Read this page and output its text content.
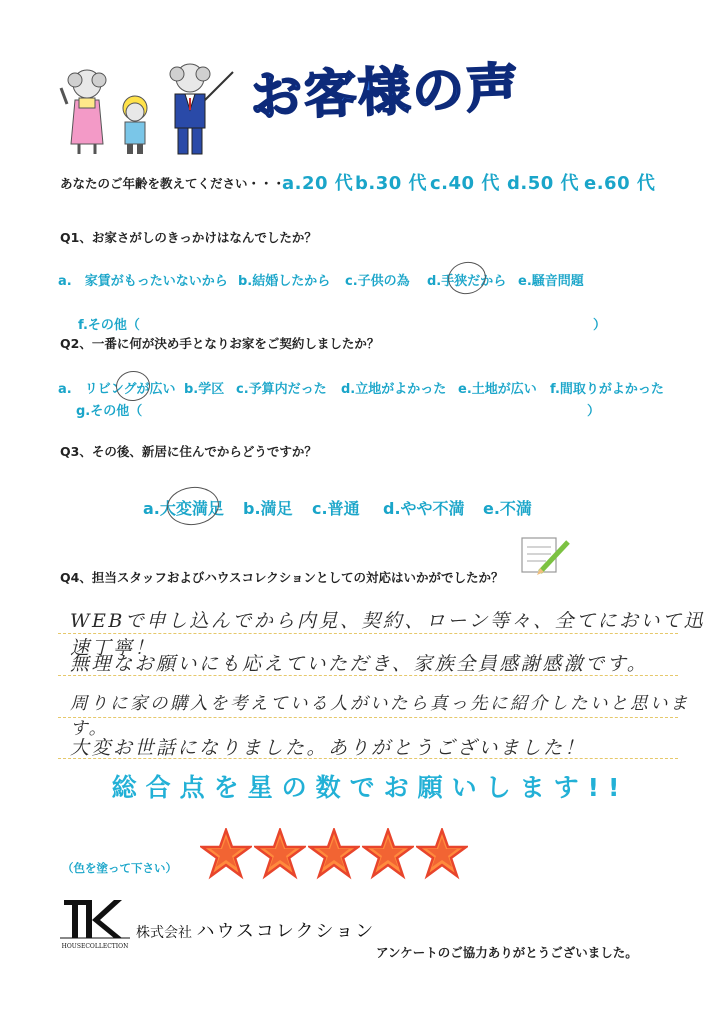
お客様の声
あなたのご年齢を教えてください・・・
a.20 代 b.30 代 c.40 代 d.50 代 e.60 代
Q1、お家さがしのきっかけはなんでしたか？
a.　家賃がもったいないから b.結婚したから c.子供の為 d.手狭だから e.騒音問題
f.その他（	）
Q2、一番に何が決め手となりお家をご契約しましたか？
a.　リビングが広い b.学区 c.予算内だった d.立地がよかった e.土地が広い f.間取りがよかった
g.その他（	）
Q3、その後、新居に住んでからどうですか？
a.大変満足 b.満足 c.普通 d.やや不満 e.不満
Q4、担当スタッフおよびハウスコレクションとしての対応はいかがでしたか？
WEBで申し込んでから内見、契約、ローン等々、全てにおいて迅速丁寧！
無理なお願いにも応えていただき、家族全員感謝感激です。
周りに家の購入を考えている人がいたら真っ先に紹介したいと思います。
大変お世話になりました。ありがとうございました！
総合点を星の数でお願いします!!
（色を塗って下さい）
HOUSECOLLECTION
株式会社 ハウスコレクション
アンケートのご協力ありがとうございました。
